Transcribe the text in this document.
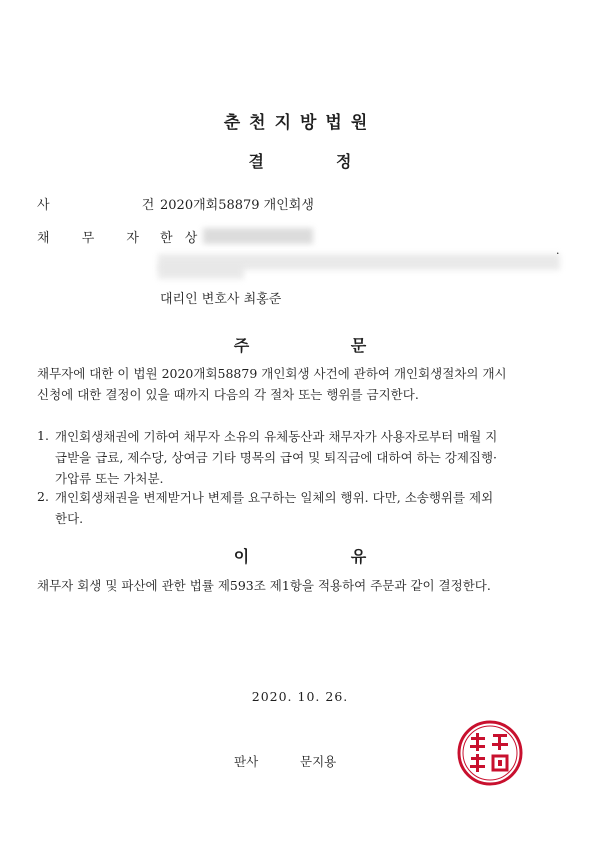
춘천지방법원
결정
사 건
2020개회58879 개인회생
채 무 자 한 상
·
대리인 변호사 최홍준
주 문
채무자에 대한 이 법원 2020개회58879 개인회생 사건에 관하여 개인회생절차의 개시
신청에 대한 결정이 있을 때까지 다음의 각 절차 또는 행위를 금지한다.
1. 개인회생채권에 기하여 채무자 소유의 유체동산과 채무자가 사용자로부터 매월 지
급받을 급료, 제수당, 상여금 기타 명목의 급여 및 퇴직금에 대하여 하는 강제집행·
가압류 또는 가처분.
2. 개인회생채권을 변제받거나 변제를 요구하는 일체의 행위. 다만, 소송행위를 제외
한다.
이 유
채무자 회생 및 파산에 관한 법률 제593조 제1항을 적용하여 주문과 같이 결정한다.
2020. 10. 26.
판사	문지용
